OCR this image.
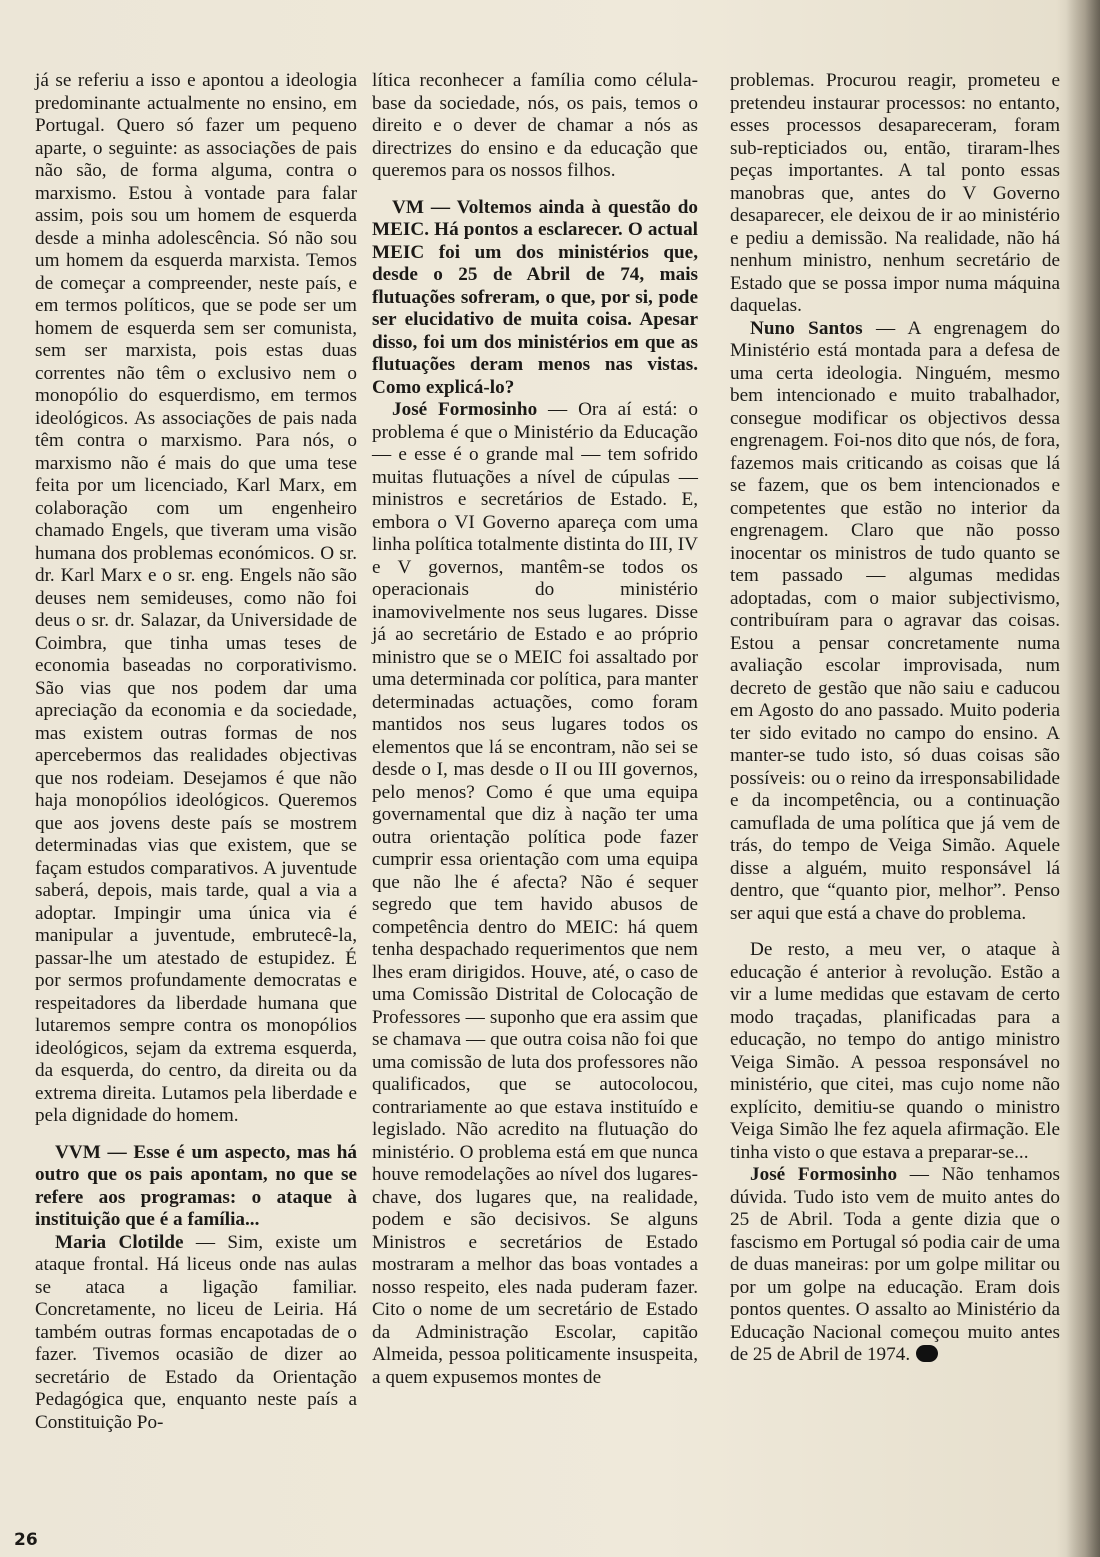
já se referiu a isso e apontou a ideologia predominante actualmente no ensino, em Portugal. Quero só fazer um pequeno aparte, o seguinte: as associações de pais não são, de forma alguma, contra o marxismo. Estou à vontade para falar assim, pois sou um homem de esquerda desde a minha adolescência. Só não sou um homem da esquerda marxista. Temos de começar a compreender, neste país, e em termos políticos, que se pode ser um homem de esquerda sem ser comunista, sem ser marxista, pois estas duas correntes não têm o exclusivo nem o monopólio do esquerdismo, em termos ideológicos. As associações de pais nada têm contra o marxismo. Para nós, o marxismo não é mais do que uma tese feita por um licenciado, Karl Marx, em colaboração com um engenheiro chamado Engels, que tiveram uma visão humana dos problemas económicos. O sr. dr. Karl Marx e o sr. eng. Engels não são deuses nem semideuses, como não foi deus o sr. dr. Salazar, da Universidade de Coimbra, que tinha umas teses de economia baseadas no corporativismo. São vias que nos podem dar uma apreciação da economia e da sociedade, mas existem outras formas de nos apercebermos das realidades objectivas que nos rodeiam. Desejamos é que não haja monopólios ideológicos. Queremos que aos jovens deste país se mostrem determinadas vias que existem, que se façam estudos comparativos. A juventude saberá, depois, mais tarde, qual a via a adoptar. Impingir uma única via é manipular a juventude, embrutecê-la, passar-lhe um atestado de estupidez. É por sermos profundamente democratas e respeitadores da liberdade humana que lutaremos sempre contra os monopólios ideológicos, sejam da extrema esquerda, da esquerda, do centro, da direita ou da extrema direita. Lutamos pela liberdade e pela dignidade do homem.

VVM — Esse é um aspecto, mas há outro que os pais apontam, no que se refere aos programas: o ataque à instituição que é a família...

Maria Clotilde — Sim, existe um ataque frontal. Há liceus onde nas aulas se ataca a ligação familiar. Concretamente, no liceu de Leiria. Há também outras formas encapotadas de o fazer. Tivemos ocasião de dizer ao secretário de Estado da Orientação Pedagógica que, enquanto neste país a Constituição Po-

lítica reconhecer a família como célula-base da sociedade, nós, os pais, temos o direito e o dever de chamar a nós as directrizes do ensino e da educação que queremos para os nossos filhos.

VM — Voltemos ainda à questão do MEIC. Há pontos a esclarecer. O actual MEIC foi um dos ministérios que, desde o 25 de Abril de 74, mais flutuações sofreram, o que, por si, pode ser elucidativo de muita coisa. Apesar disso, foi um dos ministérios em que as flutuações deram menos nas vistas. Como explicá-lo?

José Formosinho — Ora aí está: o problema é que o Ministério da Educação — e esse é o grande mal — tem sofrido muitas flutuações a nível de cúpulas — ministros e secretários de Estado. E, embora o VI Governo apareça com uma linha política totalmente distinta do III, IV e V governos, mantêm-se todos os operacionais do ministério inamovivelmente nos seus lugares. Disse já ao secretário de Estado e ao próprio ministro que se o MEIC foi assaltado por uma determinada cor política, para manter determinadas actuações, como foram mantidos nos seus lugares todos os elementos que lá se encontram, não sei se desde o I, mas desde o II ou III governos, pelo menos? Como é que uma equipa governamental que diz à nação ter uma outra orientação política pode fazer cumprir essa orientação com uma equipa que não lhe é afecta? Não é sequer segredo que tem havido abusos de competência dentro do MEIC: há quem tenha despachado requerimentos que nem lhes eram dirigidos. Houve, até, o caso de uma Comissão Distrital de Colocação de Professores — suponho que era assim que se chamava — que outra coisa não foi que uma comissão de luta dos professores não qualificados, que se autocolocou, contrariamente ao que estava instituído e legislado. Não acredito na flutuação do ministério. O problema está em que nunca houve remodelações ao nível dos lugares-chave, dos lugares que, na realidade, podem e são decisivos. Se alguns Ministros e secretários de Estado mostraram a melhor das boas vontades a nosso respeito, eles nada puderam fazer. Cito o nome de um secretário de Estado da Administração Escolar, capitão Almeida, pessoa politicamente insuspeita, a quem expusemos montes de

problemas. Procurou reagir, prometeu e pretendeu instaurar processos: no entanto, esses processos desapareceram, foram sub-repticiados ou, então, tiraram-lhes peças importantes. A tal ponto essas manobras que, antes do V Governo desaparecer, ele deixou de ir ao ministério e pediu a demissão. Na realidade, não há nenhum ministro, nenhum secretário de Estado que se possa impor numa máquina daquelas.

Nuno Santos — A engrenagem do Ministério está montada para a defesa de uma certa ideologia. Ninguém, mesmo bem intencionado e muito trabalhador, consegue modificar os objectivos dessa engrenagem. Foi-nos dito que nós, de fora, fazemos mais criticando as coisas que lá se fazem, que os bem intencionados e competentes que estão no interior da engrenagem. Claro que não posso inocentar os ministros de tudo quanto se tem passado — algumas medidas adoptadas, com o maior subjectivismo, contribuíram para o agravar das coisas. Estou a pensar concretamente numa avaliação escolar improvisada, num decreto de gestão que não saiu e caducou em Agosto do ano passado. Muito poderia ter sido evitado no campo do ensino. A manter-se tudo isto, só duas coisas são possíveis: ou o reino da irresponsabilidade e da incompetência, ou a continuação camuflada de uma política que já vem de trás, do tempo de Veiga Simão. Aquele disse a alguém, muito responsável lá dentro, que “quanto pior, melhor”. Penso ser aqui que está a chave do problema.

De resto, a meu ver, o ataque à educação é anterior à revolução. Estão a vir a lume medidas que estavam de certo modo traçadas, planificadas para a educação, no tempo do antigo ministro Veiga Simão. A pessoa responsável no ministério, que citei, mas cujo nome não explícito, demitiu-se quando o ministro Veiga Simão lhe fez aquela afirmação. Ele tinha visto o que estava a preparar-se...

José Formosinho — Não tenhamos dúvida. Tudo isto vem de muito antes do 25 de Abril. Toda a gente dizia que o fascismo em Portugal só podia cair de uma de duas maneiras: por um golpe militar ou por um golpe na educação. Eram dois pontos quentes. O assalto ao Ministério da Educação Nacional começou muito antes de 25 de Abril de 1974.

26
